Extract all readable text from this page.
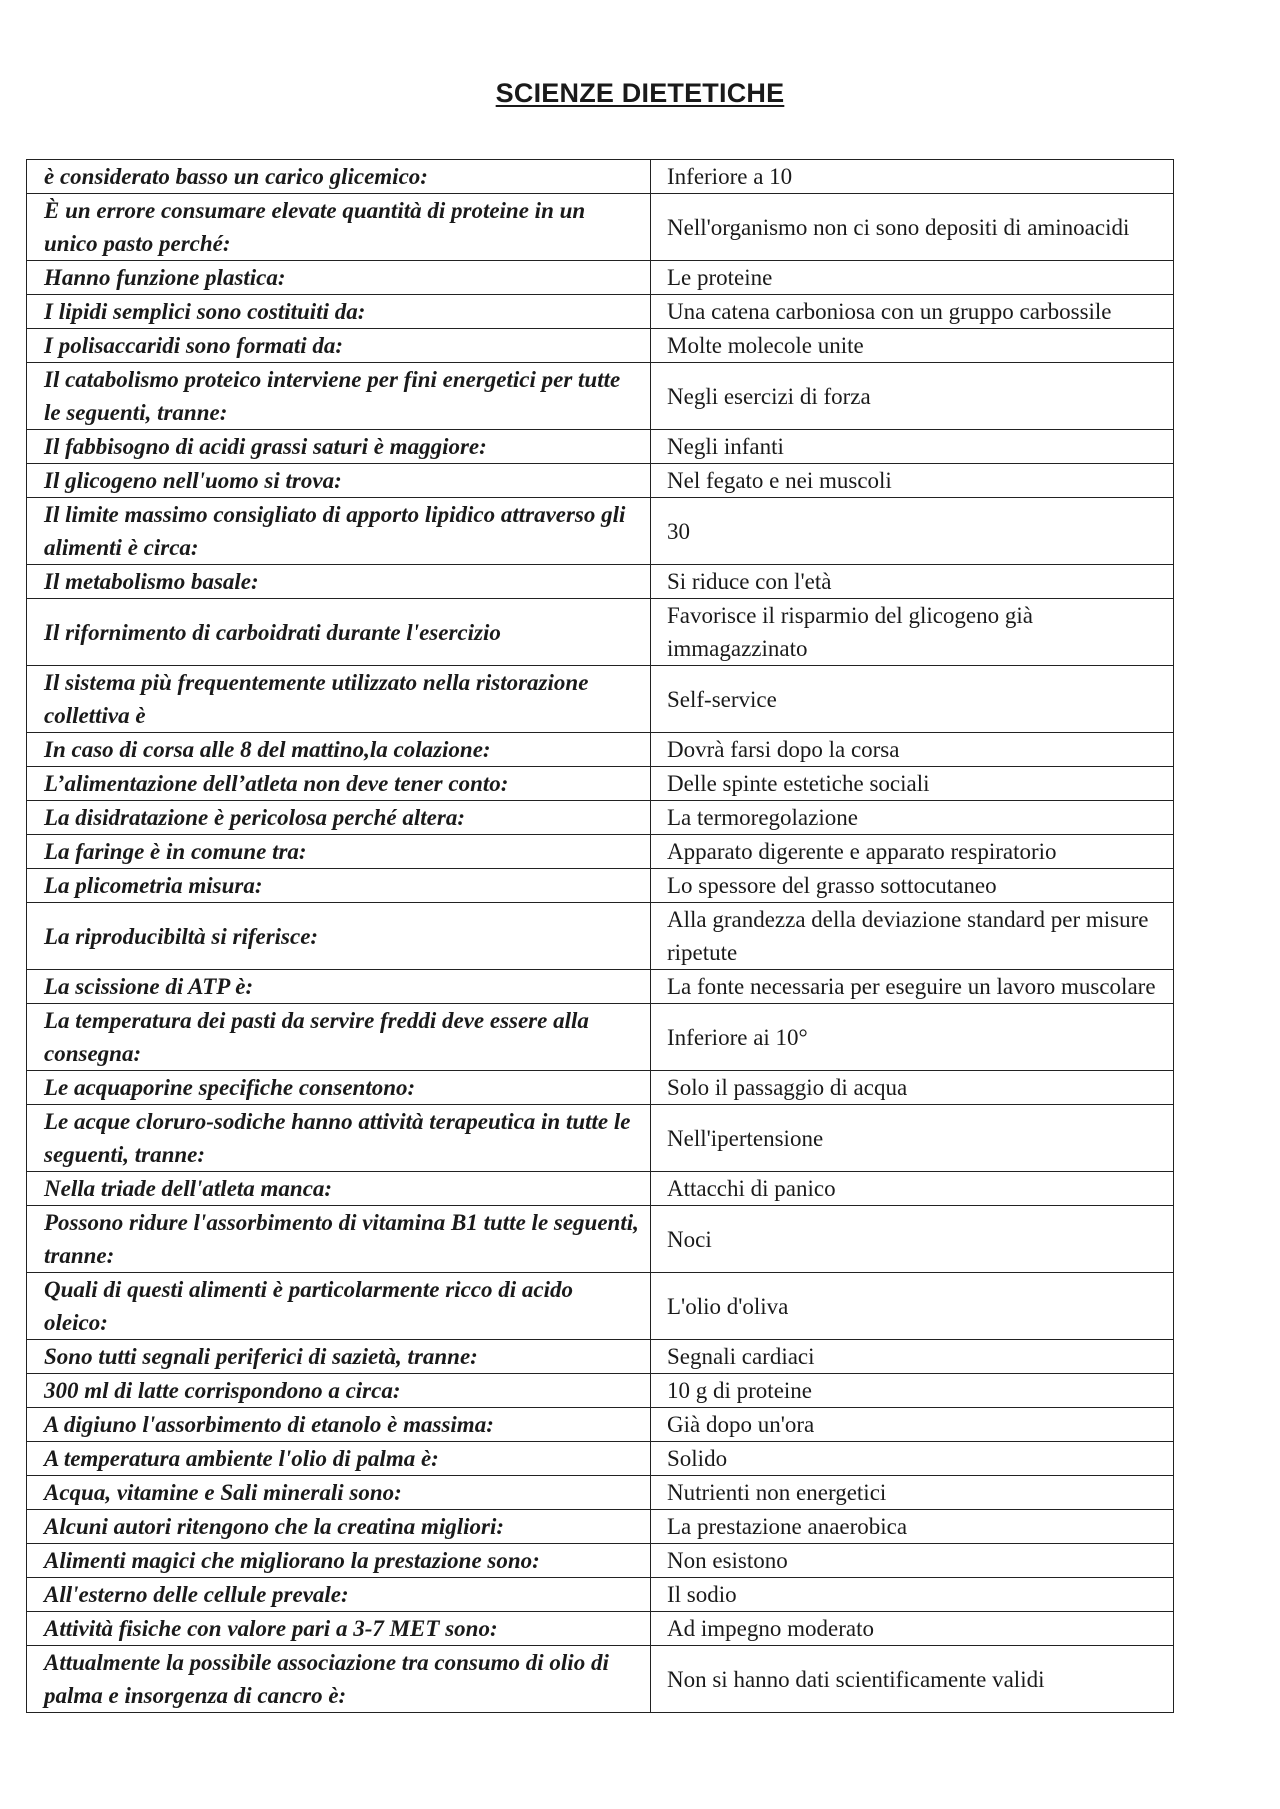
SCIENZE DIETETICHE
è considerato basso un carico glicemico:	Inferiore a 10
È un errore consumare elevate quantità di proteine in un unico pasto perché:	Nell'organismo non ci sono depositi di aminoacidi
Hanno funzione plastica:	Le proteine
I lipidi semplici sono costituiti da:	Una catena carboniosa con un gruppo carbossile
I polisaccaridi sono formati da:	Molte molecole unite
Il catabolismo proteico interviene per fini energetici per tutte le seguenti, tranne:	Negli esercizi di forza
Il fabbisogno di acidi grassi saturi è maggiore:	Negli infanti
Il glicogeno nell'uomo si trova:	Nel fegato e nei muscoli
Il limite massimo consigliato di apporto lipidico attraverso gli alimenti è circa:	30
Il metabolismo basale:	Si riduce con l'età
Il rifornimento di carboidrati durante l'esercizio	Favorisce il risparmio del glicogeno già immagazzinato
Il sistema più frequentemente utilizzato nella ristorazione collettiva è	Self-service
In caso di corsa alle 8 del mattino,la colazione:	Dovrà farsi dopo la corsa
L’alimentazione dell’atleta non deve tener conto:	Delle spinte estetiche sociali
La disidratazione è pericolosa perché altera:	La termoregolazione
La faringe è in comune tra:	Apparato digerente e apparato respiratorio
La plicometria misura:	Lo spessore del grasso sottocutaneo
La riproducibiltà si riferisce:	Alla grandezza della deviazione standard per misure ripetute
La scissione di ATP è:	La fonte necessaria per eseguire un lavoro muscolare
La temperatura dei pasti da servire freddi deve essere alla consegna:	Inferiore ai 10°
Le acquaporine specifiche consentono:	Solo il passaggio di acqua
Le acque cloruro-sodiche hanno attività terapeutica in tutte le seguenti, tranne:	Nell'ipertensione
Nella triade dell'atleta manca:	Attacchi di panico
Possono ridure l'assorbimento di vitamina B1 tutte le seguenti, tranne:	Noci
Quali di questi alimenti è particolarmente ricco di acido oleico:	L'olio d'oliva
Sono tutti segnali periferici di sazietà, tranne:	Segnali cardiaci
300 ml di latte corrispondono a circa:	10 g di proteine
A digiuno l'assorbimento di etanolo è massima:	Già dopo un'ora
A temperatura ambiente l'olio di palma è:	Solido
Acqua, vitamine e Sali minerali sono:	Nutrienti non energetici
Alcuni autori ritengono che la creatina migliori:	La prestazione anaerobica
Alimenti magici che migliorano la prestazione sono:	Non esistono
All'esterno delle cellule prevale:	Il sodio
Attività fisiche con valore pari a 3-7 MET sono:	Ad impegno moderato
Attualmente la possibile associazione tra consumo di olio di palma e insorgenza di cancro è:	Non si hanno dati scientificamente validi
